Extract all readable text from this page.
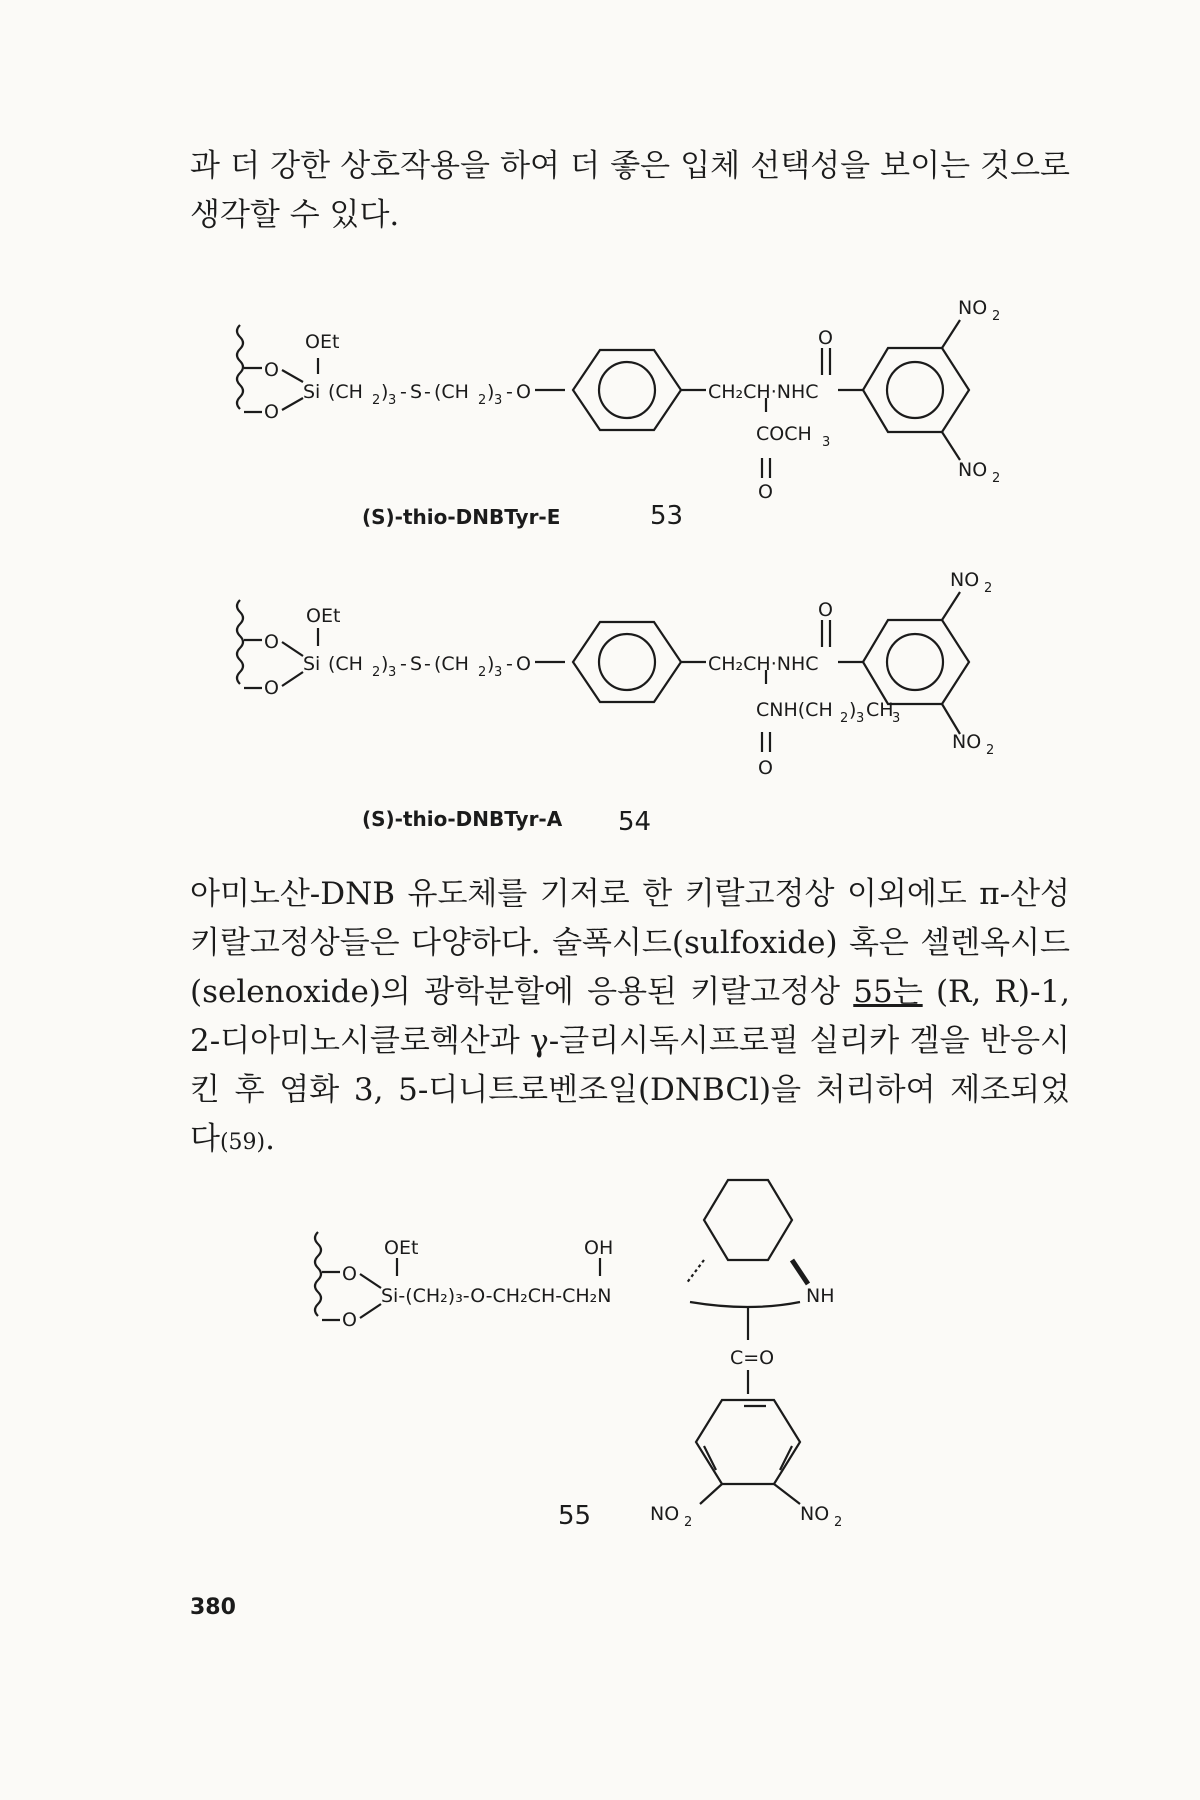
과 더 강한 상호작용을 하여 더 좋은 입체 선택성을 보이는 것으로 생각할 수 있다.

OEt
O
O
Si (CH 2 ) 3 - S - (CH 2 ) 3 - O
O
CH₂CH·NHC
COCH 3
O
NO 2
NO 2
(S)-thio-DNBTyr-E	53
OEt
O
O
Si (CH 2 ) 3 - S - (CH 2 ) 3 - O
O
CH₂CH·NHC
CNH(CH 2 ) 3 CH
3
O
NO 2
NO 2
(S)-thio-DNBTyr-A 54
OEt
O
O
OH
Si-(CH₂)₃-O-CH₂CH-CH₂N	NH
C=O
NO 2	NO 2
55

아미노산-DNB 유도체를 기저로 한 키랄고정상 이외에도 π-산성 키랄고정상들은 다양하다. 술폭시드(sulfoxide) 혹은 셀렌옥시드(selenoxide)의 광학분할에 응용된 키랄고정상 55는 (R, R)-1, 2-디아미노시클로헥산과 γ-글리시독시프로필 실리카 겔을 반응시킨 후 염화 3, 5-디니트로벤조일(DNBCl)을 처리하여 제조되었다(59).

380
